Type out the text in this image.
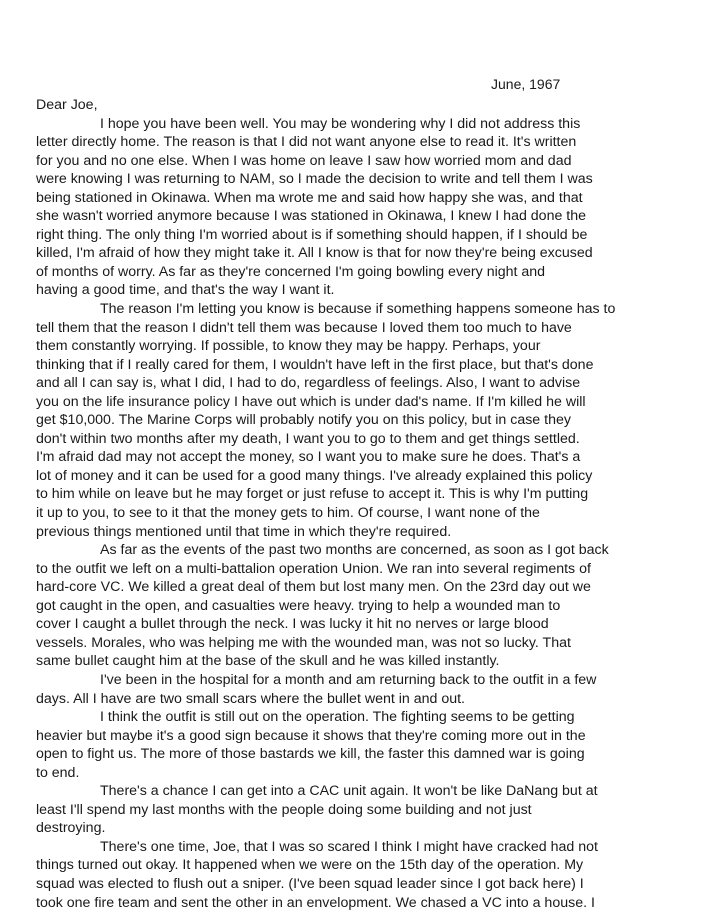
June, 1967
Dear Joe,
I hope you have been well. You may be wondering why I did not address this
letter directly home. The reason is that I did not want anyone else to read it. It's written
for you and no one else. When I was home on leave I saw how worried mom and dad
were knowing I was returning to NAM, so I made the decision to write and tell them I was
being stationed in Okinawa. When ma wrote me and said how happy she was, and that
she wasn't worried anymore because I was stationed in Okinawa, I knew I had done the
right thing. The only thing I'm worried about is if something should happen, if I should be
killed, I'm afraid of how they might take it. All I know is that for now they're being excused
of months of worry. As far as they're concerned I'm going bowling every night and
having a good time, and that's the way I want it.
The reason I'm letting you know is because if something happens someone has to
tell them that the reason I didn't tell them was because I loved them too much to have
them constantly worrying. If possible, to know they may be happy. Perhaps, your
thinking that if I really cared for them, I wouldn't have left in the first place, but that's done
and all I can say is, what I did, I had to do, regardless of feelings. Also, I want to advise
you on the life insurance policy I have out which is under dad's name. If I'm killed he will
get $10,000. The Marine Corps will probably notify you on this policy, but in case they
don't within two months after my death, I want you to go to them and get things settled.
I'm afraid dad may not accept the money, so I want you to make sure he does. That's a
lot of money and it can be used for a good many things. I've already explained this policy
to him while on leave but he may forget or just refuse to accept it. This is why I'm putting
it up to you, to see to it that the money gets to him. Of course, I want none of the
previous things mentioned until that time in which they're required.
As far as the events of the past two months are concerned, as soon as I got back
to the outfit we left on a multi-battalion operation Union. We ran into several regiments of
hard-core VC. We killed a great deal of them but lost many men. On the 23rd day out we
got caught in the open, and casualties were heavy. trying to help a wounded man to
cover I caught a bullet through the neck. I was lucky it hit no nerves or large blood
vessels. Morales, who was helping me with the wounded man, was not so lucky. That
same bullet caught him at the base of the skull and he was killed instantly.
I've been in the hospital for a month and am returning back to the outfit in a few
days. All I have are two small scars where the bullet went in and out.
I think the outfit is still out on the operation. The fighting seems to be getting
heavier but maybe it's a good sign because it shows that they're coming more out in the
open to fight us. The more of those bastards we kill, the faster this damned war is going
to end.
There's a chance I can get into a CAC unit again. It won't be like DaNang but at
least I'll spend my last months with the people doing some building and not just
destroying.
There's one time, Joe, that I was so scared I think I might have cracked had not
things turned out okay. It happened when we were on the 15th day of the operation. My
squad was elected to flush out a sniper. (I've been squad leader since I got back here) I
took one fire team and sent the other in an envelopment. We chased a VC into a house. I
